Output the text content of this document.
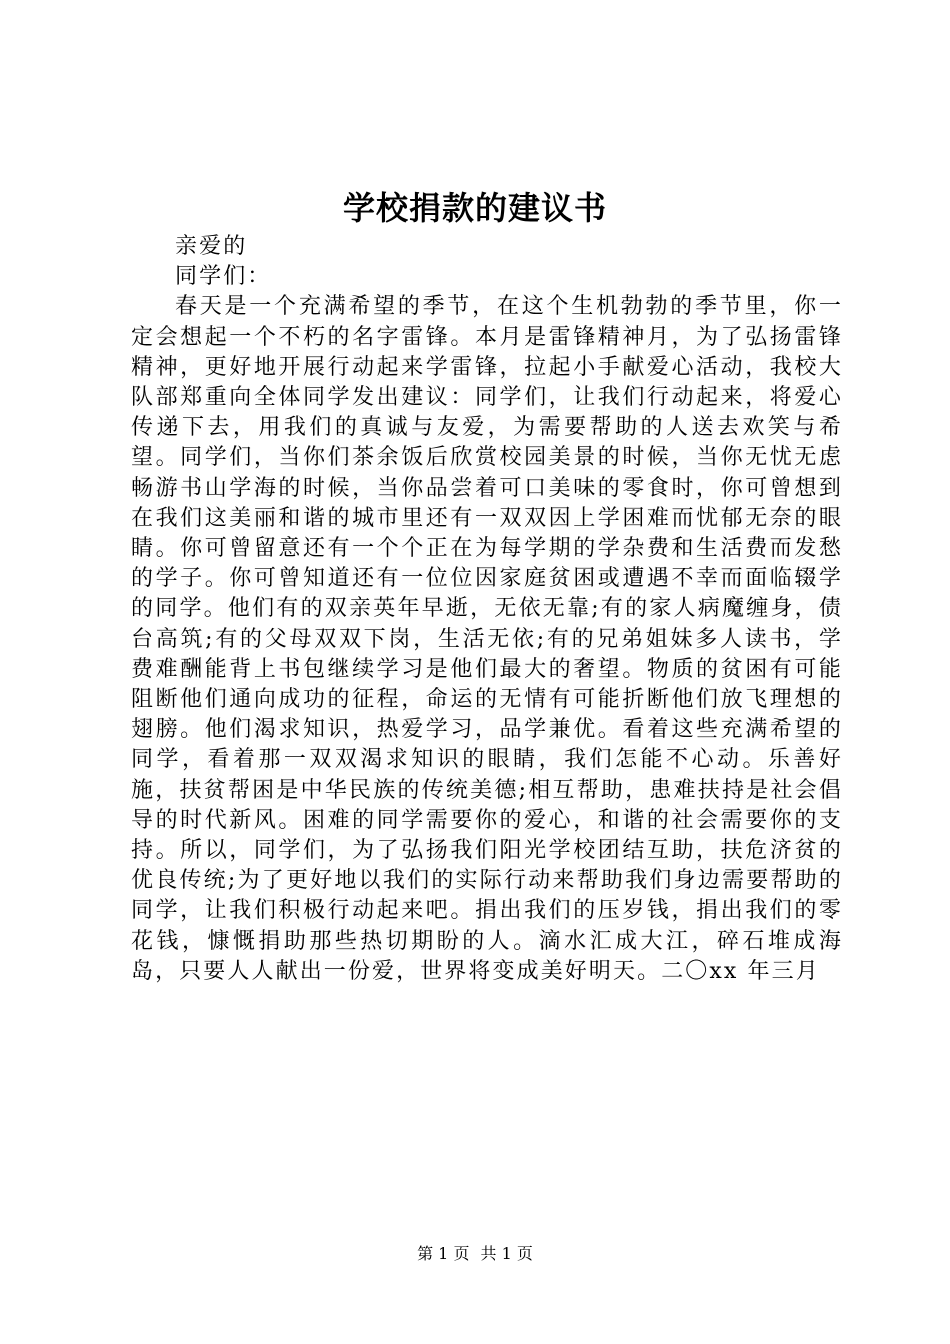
学校捐款的建议书

亲爱的

同学们：

春天是一个充满希望的季节，在这个生机勃勃的季节里，你一定会想起一个不朽的名字雷锋。本月是雷锋精神月，为了弘扬雷锋精神，更好地开展行动起来学雷锋，拉起小手献爱心活动，我校大队部郑重向全体同学发出建议：同学们，让我们行动起来，将爱心传递下去，用我们的真诚与友爱，为需要帮助的人送去欢笑与希望。同学们，当你们茶余饭后欣赏校园美景的时候，当你无忧无虑畅游书山学海的时候，当你品尝着可口美味的零食时，你可曾想到在我们这美丽和谐的城市里还有一双双因上学困难而忧郁无奈的眼睛。你可曾留意还有一个个正在为每学期的学杂费和生活费而发愁的学子。你可曾知道还有一位位因家庭贫困或遭遇不幸而面临辍学的同学。他们有的双亲英年早逝，无依无靠;有的家人病魔缠身，债台高筑;有的父母双双下岗，生活无依;有的兄弟姐妹多人读书，学费难酬能背上书包继续学习是他们最大的奢望。物质的贫困有可能阻断他们通向成功的征程，命运的无情有可能折断他们放飞理想的翅膀。他们渴求知识，热爱学习，品学兼优。看着这些充满希望的同学，看着那一双双渴求知识的眼睛，我们怎能不心动。乐善好施，扶贫帮困是中华民族的传统美德;相互帮助，患难扶持是社会倡导的时代新风。困难的同学需要你的爱心，和谐的社会需要你的支持。所以，同学们，为了弘扬我们阳光学校团结互助，扶危济贫的优良传统;为了更好地以我们的实际行动来帮助我们身边需要帮助的同学，让我们积极行动起来吧。捐出我们的压岁钱，捐出我们的零花钱，慷慨捐助那些热切期盼的人。滴水汇成大江，碎石堆成海岛，只要人人献出一份爱，世界将变成美好明天。二〇xx 年三月

第 1 页 共 1 页
